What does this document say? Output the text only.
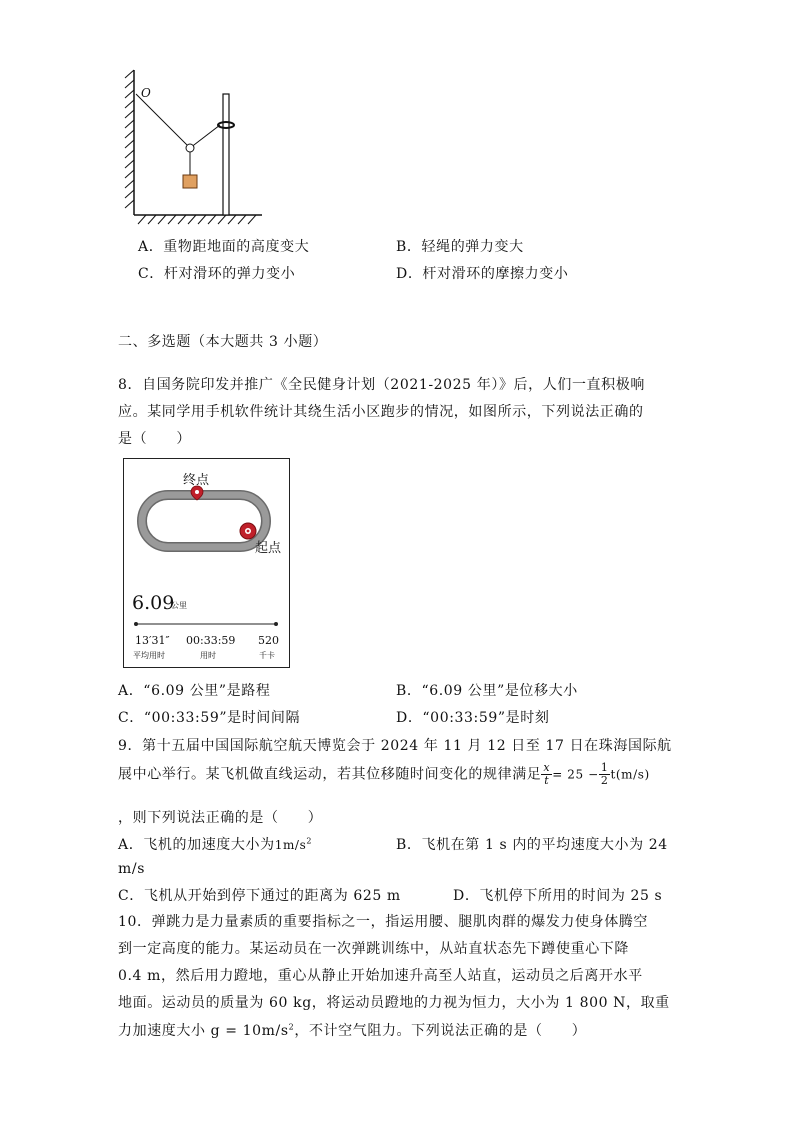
O
A．重物距地面的高度变大	B．轻绳的弹力变大
C．杆对滑环的弹力变小	D．杆对滑环的摩擦力变小
二、多选题（本大题共 3 小题）
8．自国务院印发并推广《全民健身计划（2021-2025 年）》后，人们一直积极响
应。某同学用手机软件统计其绕生活小区跑步的情况，如图所示，下列说法正确的
是（　　）
终点
起点
6.09
公里
13′31″
平均用时
00:33:59
用时
520
千卡
A．“6.09 公里”是路程	B．“6.09 公里”是位移大小
C．“00:33:59”是时间间隔	D．“00:33:59”是时刻
9．第十五届中国国际航空航天博览会于 2024 年 11 月 12 日至 17 日在珠海国际航
展中心举行。某飞机做直线运动，若其位移随时间变化的规律满足 $\frac{x}{t} = 25 - \frac{1}{2} t(m/s)$
，则下列说法正确的是（　　）
A．飞机的加速度大小为$1m/s^2$	B．飞机在第 1 s 内的平均速度大小为 24
m/s
C．飞机从开始到停下通过的距离为 625 m	D．飞机停下所用的时间为 25 s
10．弹跳力是力量素质的重要指标之一，指运用腰、腿肌肉群的爆发力使身体腾空
到一定高度的能力。某运动员在一次弹跳训练中，从站直状态先下蹲使重心下降
0.4 m，然后用力蹬地，重心从静止开始加速升高至人站直，运动员之后离开水平
地面。运动员的质量为 60 kg，将运动员蹬地的力视为恒力，大小为 1 800 N，取重
力加速度大小 $g = 10m/s^2$，不计空气阻力。下列说法正确的是（　　）
